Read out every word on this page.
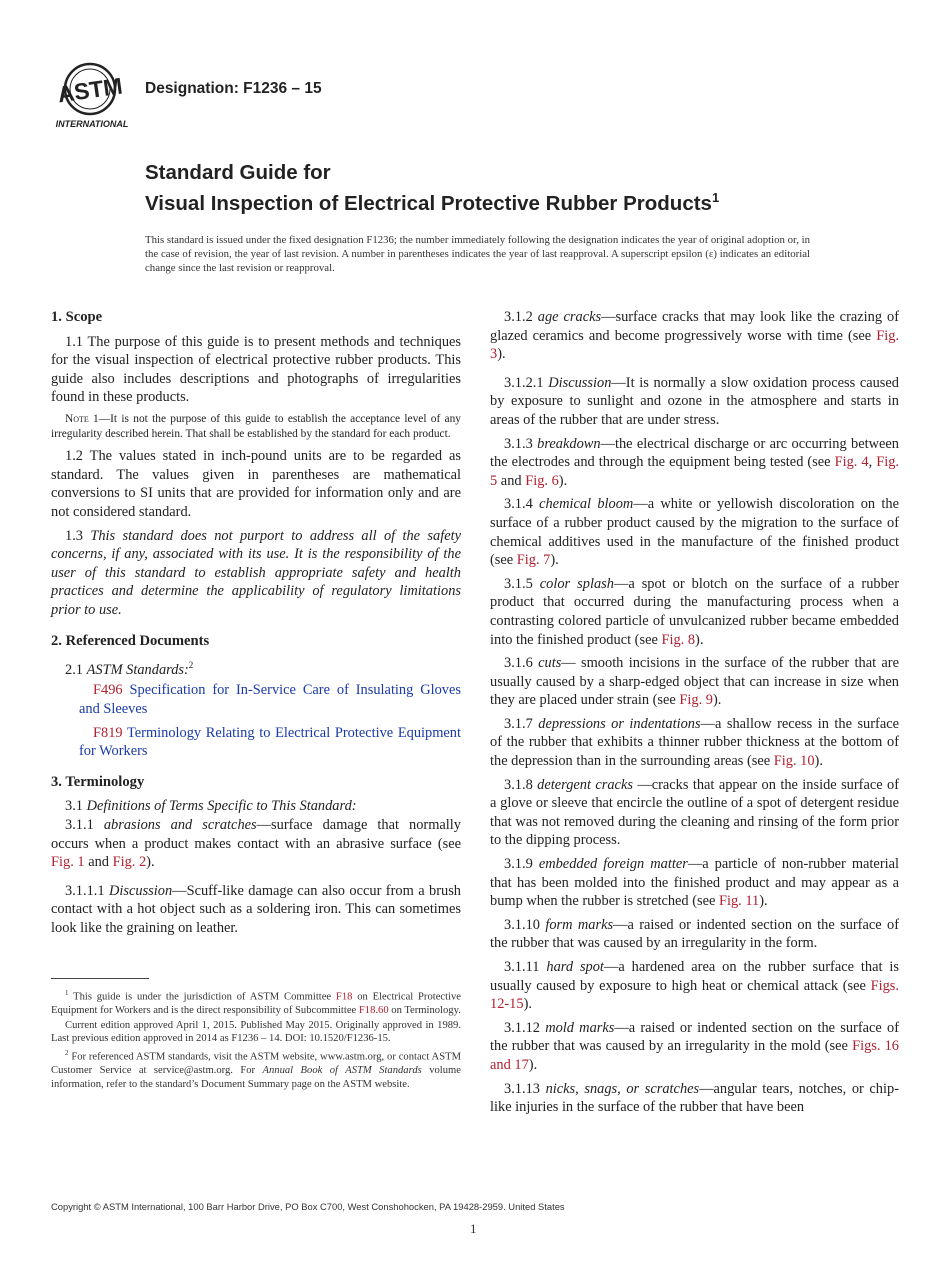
ASTM
INTERNATIONAL
Designation: F1236 – 15
Standard Guide for
Visual Inspection of Electrical Protective Rubber Products$^1$
This standard is issued under the fixed designation F1236; the number immediately following the designation indicates the year of original adoption or, in the case of revision, the year of last revision. A number in parentheses indicates the year of last reapproval. A superscript epsilon (ε) indicates an editorial change since the last revision or reapproval.
1. Scope

1.1 The purpose of this guide is to present methods and techniques for the visual inspection of electrical protective rubber products. This guide also includes descriptions and photographs of irregularities found in these products.

Note 1—It is not the purpose of this guide to establish the acceptance level of any irregularity described herein. That shall be established by the standard for each product.

1.2 The values stated in inch-pound units are to be regarded as standard. The values given in parentheses are mathematical conversions to SI units that are provided for information only and are not considered standard.

1.3 This standard does not purport to address all of the safety concerns, if any, associated with its use. It is the responsibility of the user of this standard to establish appropriate safety and health practices and determine the applicability of regulatory limitations prior to use.

2. Referenced Documents

2.1 ASTM Standards:$^2$

F496 Specification for In-Service Care of Insulating Gloves and Sleeves

F819 Terminology Relating to Electrical Protective Equipment for Workers

3. Terminology

3.1 Definitions of Terms Specific to This Standard:

3.1.1 abrasions and scratches—surface damage that normally occurs when a product makes contact with an abrasive surface (see Fig. 1 and Fig. 2).

3.1.1.1 Discussion—Scuff-like damage can also occur from a brush contact with a hot object such as a soldering iron. This can sometimes look like the graining on leather.

$^1$ This guide is under the jurisdiction of ASTM Committee F18 on Electrical Protective Equipment for Workers and is the direct responsibility of Subcommittee F18.60 on Terminology.

Current edition approved April 1, 2015. Published May 2015. Originally approved in 1989. Last previous edition approved in 2014 as F1236 – 14. DOI: 10.1520/F1236-15.

$^2$ For referenced ASTM standards, visit the ASTM website, www.astm.org, or contact ASTM Customer Service at service@astm.org. For Annual Book of ASTM Standards volume information, refer to the standard’s Document Summary page on the ASTM website.

3.1.2 age cracks—surface cracks that may look like the crazing of glazed ceramics and become progressively worse with time (see Fig. 3).

3.1.2.1 Discussion—It is normally a slow oxidation process caused by exposure to sunlight and ozone in the atmosphere and starts in areas of the rubber that are under stress.

3.1.3 breakdown—the electrical discharge or arc occurring between the electrodes and through the equipment being tested (see Fig. 4, Fig. 5 and Fig. 6).

3.1.4 chemical bloom—a white or yellowish discoloration on the surface of a rubber product caused by the migration to the surface of chemical additives used in the manufacture of the finished product (see Fig. 7).

3.1.5 color splash—a spot or blotch on the surface of a rubber product that occurred during the manufacturing process when a contrasting colored particle of unvulcanized rubber became embedded into the finished product (see Fig. 8).

3.1.6 cuts— smooth incisions in the surface of the rubber that are usually caused by a sharp-edged object that can increase in size when they are placed under strain (see Fig. 9).

3.1.7 depressions or indentations—a shallow recess in the surface of the rubber that exhibits a thinner rubber thickness at the bottom of the depression than in the surrounding areas (see Fig. 10).

3.1.8 detergent cracks —cracks that appear on the inside surface of a glove or sleeve that encircle the outline of a spot of detergent residue that was not removed during the cleaning and rinsing of the form prior to the dipping process.

3.1.9 embedded foreign matter—a particle of non-rubber material that has been molded into the finished product and may appear as a bump when the rubber is stretched (see Fig. 11).

3.1.10 form marks—a raised or indented section on the surface of the rubber that was caused by an irregularity in the form.

3.1.11 hard spot—a hardened area on the rubber surface that is usually caused by exposure to high heat or chemical attack (see Figs. 12-15).

3.1.12 mold marks—a raised or indented section on the surface of the rubber that was caused by an irregularity in the mold (see Figs. 16 and 17).

3.1.13 nicks, snags, or scratches—angular tears, notches, or chip-like injuries in the surface of the rubber that have been

Copyright © ASTM International, 100 Barr Harbor Drive, PO Box C700, West Conshohocken, PA 19428-2959. United States
1
